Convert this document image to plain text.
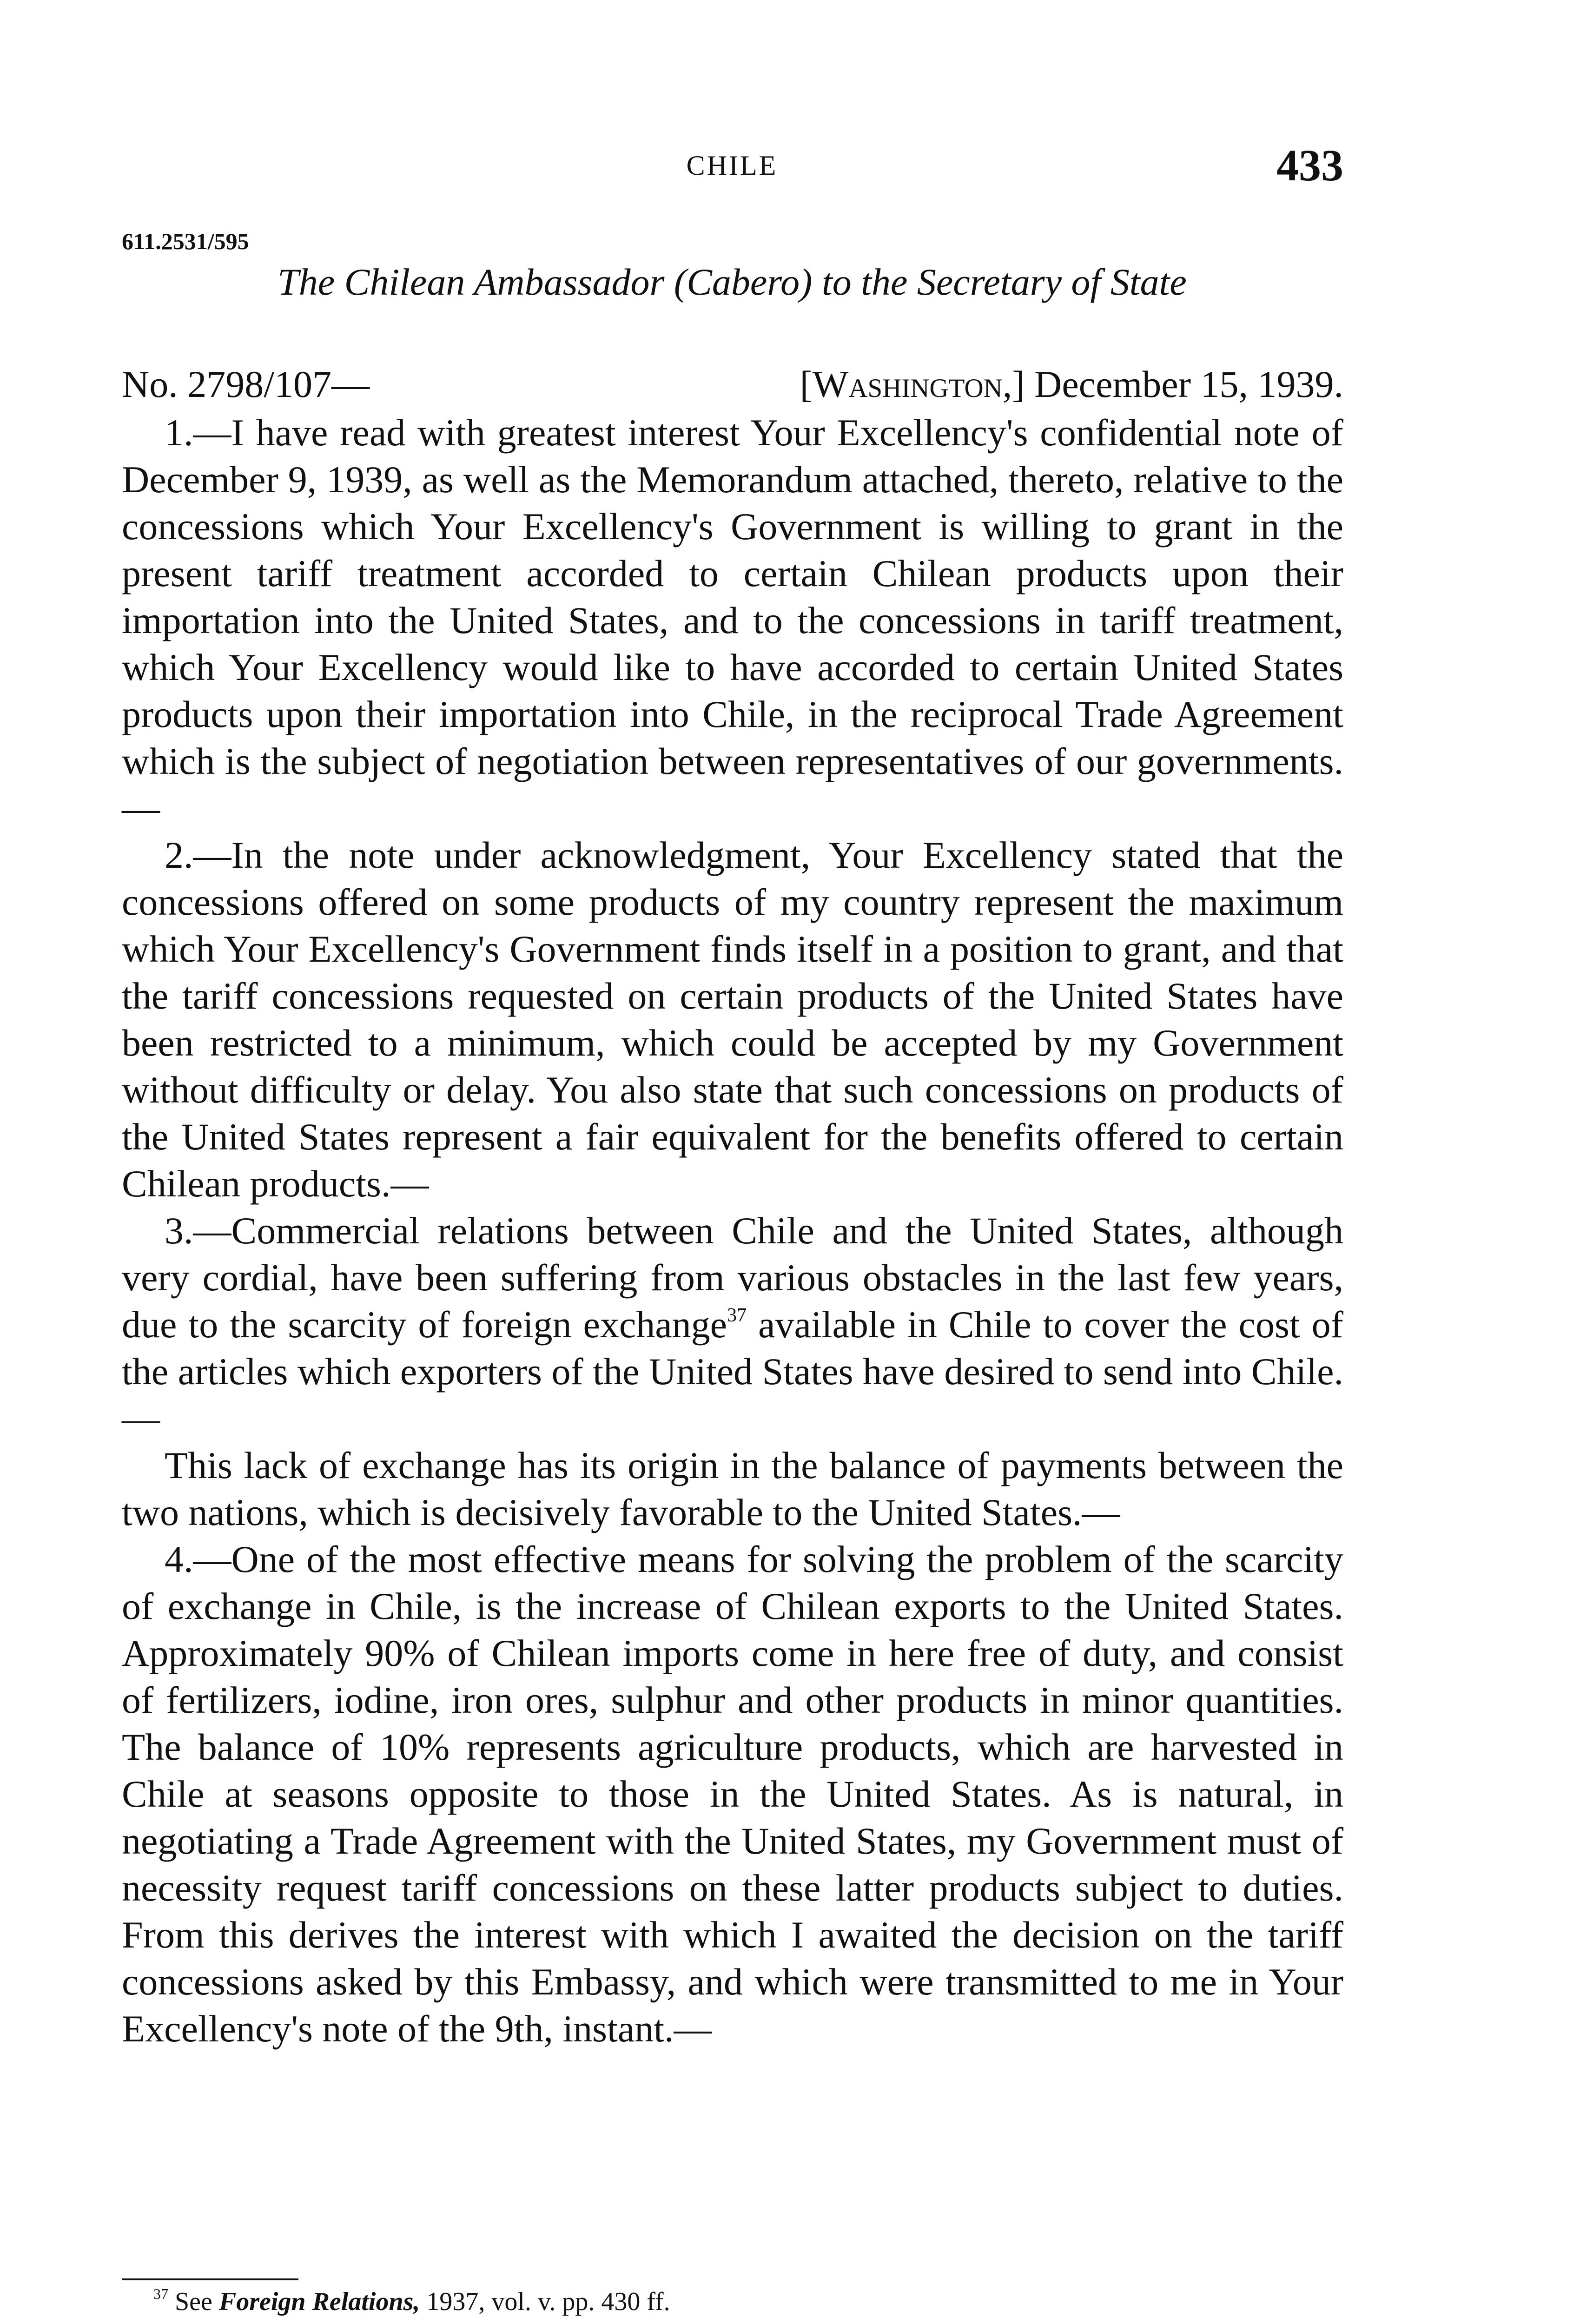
CHILE	433
611.2531/595
The Chilean Ambassador (Cabero) to the Secretary of State
No. 2798/107—	[Washington,] December 15, 1939.

1.—I have read with greatest interest Your Excellency's confidential note of December 9, 1939, as well as the Memorandum attached, thereto, relative to the concessions which Your Excellency's Government is willing to grant in the present tariff treatment accorded to certain Chilean products upon their importation into the United States, and to the concessions in tariff treatment, which Your Excellency would like to have accorded to certain United States products upon their importation into Chile, in the reciprocal Trade Agreement which is the subject of negotiation between representatives of our governments.—

2.—In the note under acknowledgment, Your Excellency stated that the concessions offered on some products of my country represent the maximum which Your Excellency's Government finds itself in a position to grant, and that the tariff concessions requested on certain products of the United States have been restricted to a minimum, which could be accepted by my Government without difficulty or delay. You also state that such concessions on products of the United States represent a fair equivalent for the benefits offered to certain Chilean products.—

3.—Commercial relations between Chile and the United States, although very cordial, have been suffering from various obstacles in the last few years, due to the scarcity of foreign exchange$^{37}$ available in Chile to cover the cost of the articles which exporters of the United States have desired to send into Chile.—

This lack of exchange has its origin in the balance of payments between the two nations, which is decisively favorable to the United States.—

4.—One of the most effective means for solving the problem of the scarcity of exchange in Chile, is the increase of Chilean exports to the United States. Approximately 90% of Chilean imports come in here free of duty, and consist of fertilizers, iodine, iron ores, sulphur and other products in minor quantities. The balance of 10% represents agriculture products, which are harvested in Chile at seasons opposite to those in the United States. As is natural, in negotiating a Trade Agreement with the United States, my Government must of necessity request tariff concessions on these latter products subject to duties. From this derives the interest with which I awaited the decision on the tariff concessions asked by this Embassy, and which were transmitted to me in Your Excellency's note of the 9th, instant.—

$^{37}$ See Foreign Relations, 1937, vol. v. pp. 430 ff.
